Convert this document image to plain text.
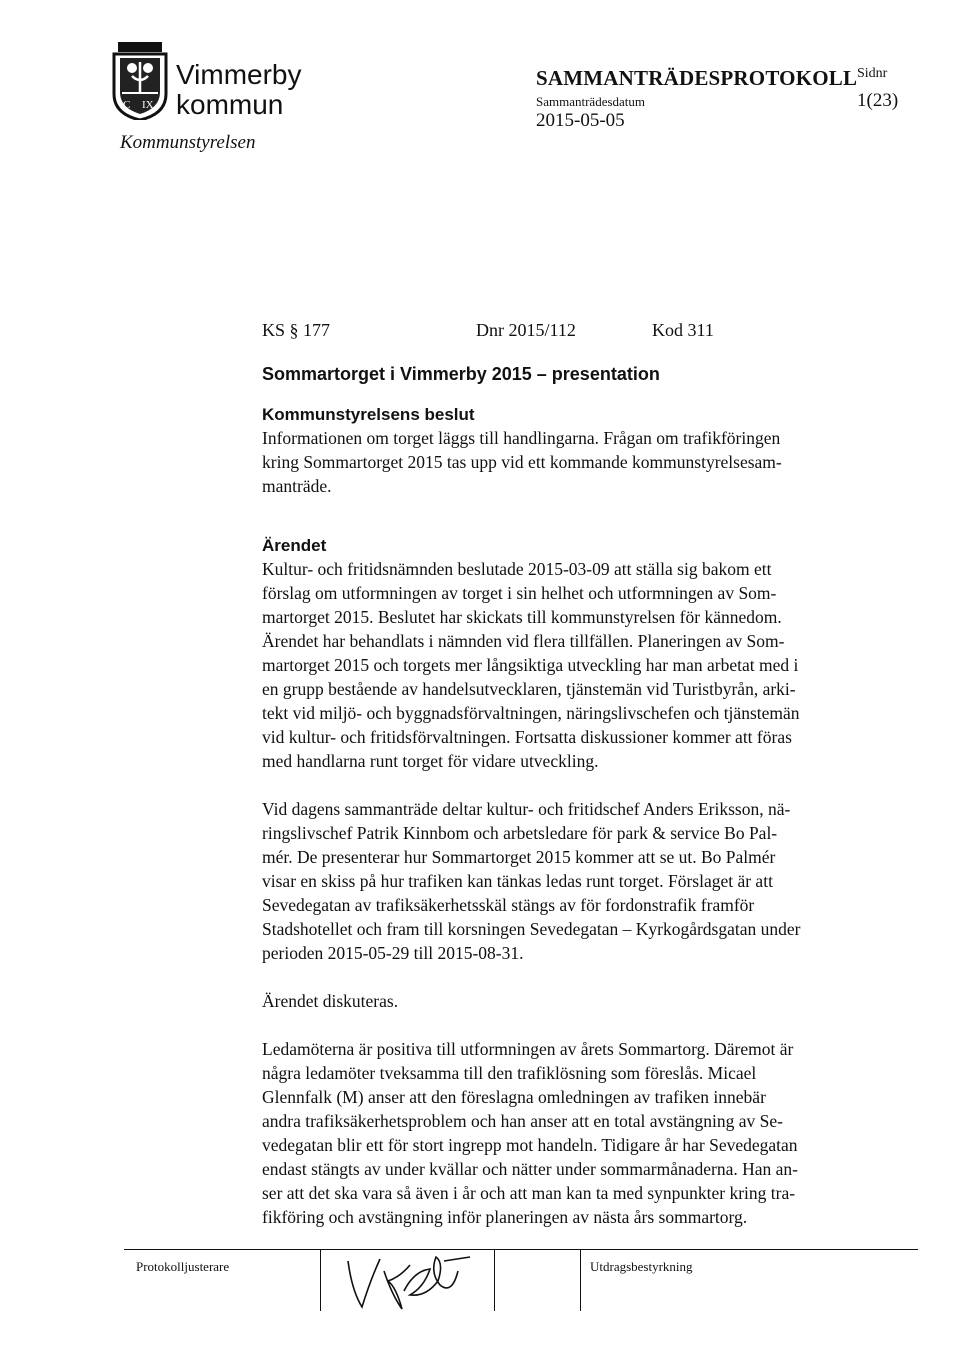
C IX
Vimmerby
kommun
Kommunstyrelsen
SAMMANTRÄDESPROTOKOLL
Sammanträdesdatum
2015-05-05
Sidnr
1(23)
KS § 177	Dnr 2015/112	Kod 311
Sommartorget i Vimmerby 2015 – presentation
Kommunstyrelsens beslut

Informationen om torget läggs till handlingarna. Frågan om trafikföringen
kring Sommartorget 2015 tas upp vid ett kommande kommunstyrelsesam-
manträde.

Ärendet

Kultur- och fritidsnämnden beslutade 2015-03-09 att ställa sig bakom ett
förslag om utformningen av torget i sin helhet och utformningen av Som-
martorget 2015. Beslutet har skickats till kommunstyrelsen för kännedom.
Ärendet har behandlats i nämnden vid flera tillfällen. Planeringen av Som-
martorget 2015 och torgets mer långsiktiga utveckling har man arbetat med i
en grupp bestående av handelsutvecklaren, tjänstemän vid Turistbyrån, arki-
tekt vid miljö- och byggnadsförvaltningen, näringslivschefen och tjänstemän
vid kultur- och fritidsförvaltningen. Fortsatta diskussioner kommer att föras
med handlarna runt torget för vidare utveckling.

Vid dagens sammanträde deltar kultur- och fritidschef Anders Eriksson, nä-
ringslivschef Patrik Kinnbom och arbetsledare för park & service Bo Pal-
mér. De presenterar hur Sommartorget 2015 kommer att se ut. Bo Palmér
visar en skiss på hur trafiken kan tänkas ledas runt torget. Förslaget är att
Sevedegatan av trafiksäkerhetsskäl stängs av för fordonstrafik framför
Stadshotellet och fram till korsningen Sevedegatan – Kyrkogårdsgatan under
perioden 2015-05-29 till 2015-08-31.

Ärendet diskuteras.

Ledamöterna är positiva till utformningen av årets Sommartorg. Däremot är
några ledamöter tveksamma till den trafiklösning som föreslås. Micael
Glennfalk (M) anser att den föreslagna omledningen av trafiken innebär
andra trafiksäkerhetsproblem och han anser att en total avstängning av Se-
vedegatan blir ett för stort ingrepp mot handeln. Tidigare år har Sevedegatan
endast stängts av under kvällar och nätter under sommarmånaderna. Han an-
ser att det ska vara så även i år och att man kan ta med synpunkter kring tra-
fikföring och avstängning inför planeringen av nästa års sommartorg.

Protokolljusterare	Utdragsbestyrkning
